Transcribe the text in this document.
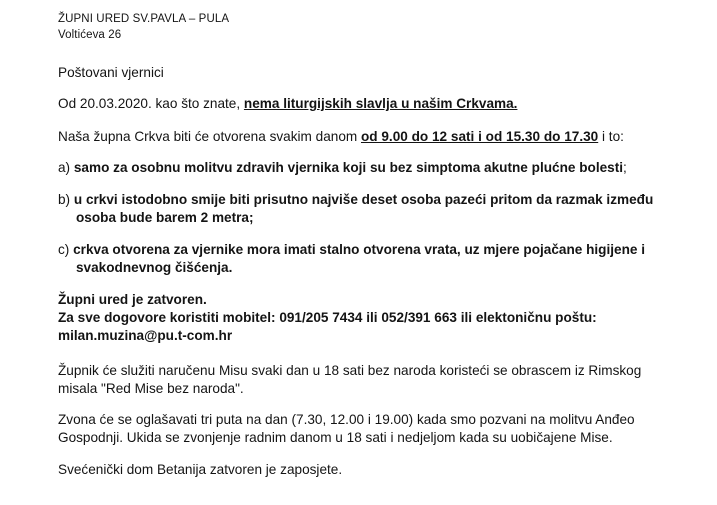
ŽUPNI URED SV.PAVLA – PULA
Voltićeva 26
Poštovani vjernici
Od 20.03.2020. kao što znate, nema liturgijskih slavlja u našim Crkvama.
Naša župna Crkva biti će otvorena svakim danom od 9.00 do 12 sati i od 15.30 do 17.30 i to:
a) samo za osobnu molitvu zdravih vjernika koji su bez simptoma akutne plućne bolesti;
b) u crkvi istodobno smije biti prisutno najviše deset osoba pazeći pritom da razmak između
osoba bude barem 2 metra;
c) crkva otvorena za vjernike mora imati stalno otvorena vrata, uz mjere pojačane higijene i
svakodnevnog čišćenja.
Župni ured je zatvoren.
Za sve dogovore koristiti mobitel: 091/205 7434 ili 052/391 663 ili elektoničnu poštu:
milan.muzina@pu.t-com.hr
Župnik će služiti naručenu Misu svaki dan u 18 sati bez naroda koristeći se obrascem iz Rimskog
misala "Red Mise bez naroda".
Zvona će se oglašavati tri puta na dan (7.30, 12.00 i 19.00) kada smo pozvani na molitvu Anđeo
Gospodnji. Ukida se zvonjenje radnim danom u 18 sati i nedjeljom kada su uobičajene Mise.
Svećenički dom Betanija zatvoren je zaposjete.
